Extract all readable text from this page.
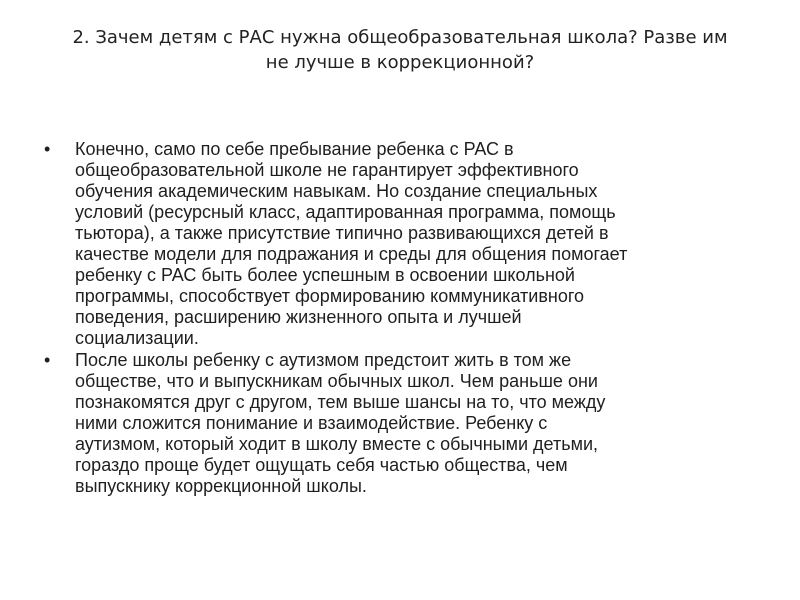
2. Зачем детям с РАС нужна общеобразовательная школа? Разве им
не лучше в коррекционной?
•	Конечно, само по себе пребывание ребенка с РАС в
общеобразовательной школе не гарантирует эффективного
обучения академическим навыкам. Но создание специальных
условий (ресурсный класс, адаптированная программа, помощь
тьютора), а также присутствие типично развивающихся детей в
качестве модели для подражания и среды для общения помогает
ребенку с РАС быть более успешным в освоении школьной
программы, способствует формированию коммуникативного
поведения, расширению жизненного опыта и лучшей
социализации.
•	После школы ребенку с аутизмом предстоит жить в том же
обществе, что и выпускникам обычных школ. Чем раньше они
познакомятся друг с другом, тем выше шансы на то, что между
ними сложится понимание и взаимодействие. Ребенку с
аутизмом, который ходит в школу вместе с обычными детьми,
гораздо проще будет ощущать себя частью общества, чем
выпускнику коррекционной школы.
